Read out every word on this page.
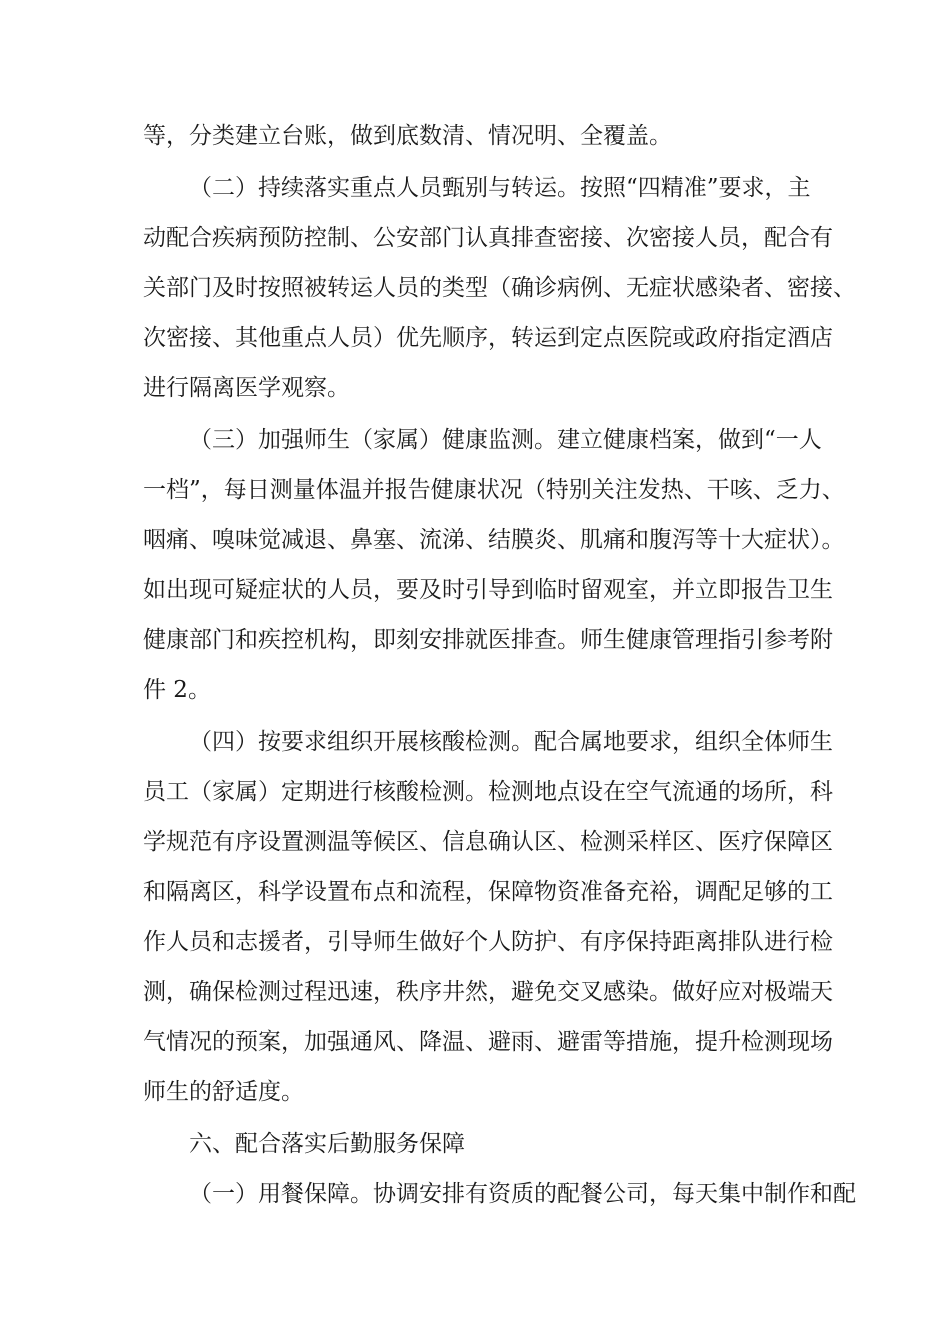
等，分类建立台账，做到底数清、情况明、全覆盖。
（二）持续落实重点人员甄别与转运。按照“四精准”要求，主
动配合疾病预防控制、公安部门认真排查密接、次密接人员，配合有
关部门及时按照被转运人员的类型（确诊病例、无症状感染者、密接、
次密接、其他重点人员）优先顺序，转运到定点医院或政府指定酒店
进行隔离医学观察。
（三）加强师生（家属）健康监测。建立健康档案，做到“一人
一档”，每日测量体温并报告健康状况（特别关注发热、干咳、乏力、
咽痛、嗅味觉减退、鼻塞、流涕、结膜炎、肌痛和腹泻等十大症状）。
如出现可疑症状的人员，要及时引导到临时留观室，并立即报告卫生
健康部门和疾控机构，即刻安排就医排查。师生健康管理指引参考附
件 2。
（四）按要求组织开展核酸检测。配合属地要求，组织全体师生
员工（家属）定期进行核酸检测。检测地点设在空气流通的场所，科
学规范有序设置测温等候区、信息确认区、检测采样区、医疗保障区
和隔离区，科学设置布点和流程，保障物资准备充裕，调配足够的工
作人员和志援者，引导师生做好个人防护、有序保持距离排队进行检
测，确保检测过程迅速，秩序井然，避免交叉感染。做好应对极端天
气情况的预案，加强通风、降温、避雨、避雷等措施，提升检测现场
师生的舒适度。
六、配合落实后勤服务保障
（一）用餐保障。协调安排有资质的配餐公司，每天集中制作和配
